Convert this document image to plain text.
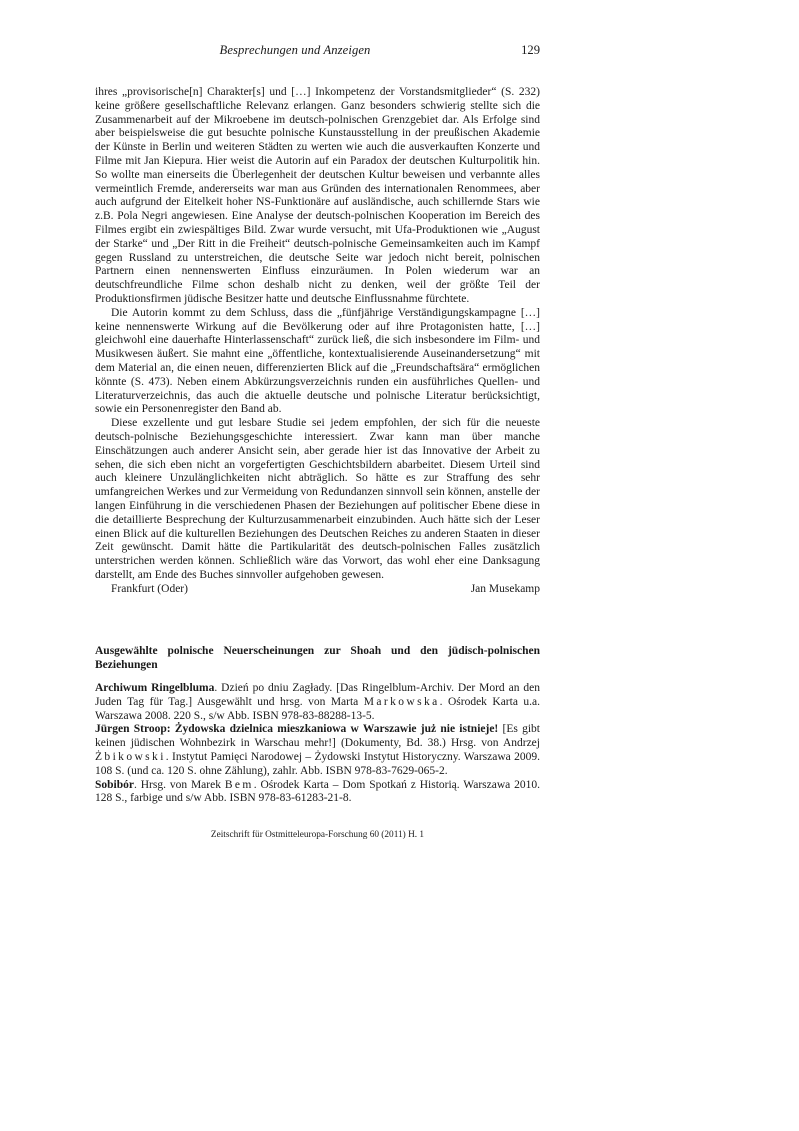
Besprechungen und Anzeigen	129

ihres „provisorische[n] Charakter[s] und […] Inkompetenz der Vorstandsmitglieder“ (S. 232) keine größere gesellschaftliche Relevanz erlangen. Ganz besonders schwierig stellte sich die Zusammenarbeit auf der Mikroebene im deutsch-polnischen Grenzgebiet dar. Als Erfolge sind aber beispielsweise die gut besuchte polnische Kunstausstellung in der preußischen Akademie der Künste in Berlin und weiteren Städten zu werten wie auch die ausverkauften Konzerte und Filme mit Jan Kiepura. Hier weist die Autorin auf ein Paradox der deutschen Kulturpolitik hin. So wollte man einerseits die Überlegenheit der deutschen Kultur beweisen und verbannte alles vermeintlich Fremde, andererseits war man aus Gründen des internationalen Renommees, aber auch aufgrund der Eitelkeit hoher NS-Funktionäre auf ausländische, auch schillernde Stars wie z.B. Pola Negri angewiesen. Eine Analyse der deutsch-polnischen Kooperation im Bereich des Filmes ergibt ein zwiespältiges Bild. Zwar wurde versucht, mit Ufa-Produktionen wie „August der Starke“ und „Der Ritt in die Freiheit“ deutsch-polnische Gemeinsamkeiten auch im Kampf gegen Russland zu unterstreichen, die deutsche Seite war jedoch nicht bereit, polnischen Partnern einen nennenswerten Einfluss einzuräumen. In Polen wiederum war an deutschfreundliche Filme schon deshalb nicht zu denken, weil der größte Teil der Produktionsfirmen jüdische Besitzer hatte und deutsche Einflussnahme fürchtete.

Die Autorin kommt zu dem Schluss, dass die „fünfjährige Verständigungskampagne […] keine nennenswerte Wirkung auf die Bevölkerung oder auf ihre Protagonisten hatte, […] gleichwohl eine dauerhafte Hinterlassenschaft“ zurück ließ, die sich insbesondere im Film- und Musikwesen äußert. Sie mahnt eine „öffentliche, kontextualisierende Auseinandersetzung“ mit dem Material an, die einen neuen, differenzierten Blick auf die „Freundschaftsära“ ermöglichen könnte (S. 473). Neben einem Abkürzungsverzeichnis runden ein ausführliches Quellen- und Literaturverzeichnis, das auch die aktuelle deutsche und polnische Literatur berücksichtigt, sowie ein Personenregister den Band ab.

Diese exzellente und gut lesbare Studie sei jedem empfohlen, der sich für die neueste deutsch-polnische Beziehungsgeschichte interessiert. Zwar kann man über manche Einschätzungen auch anderer Ansicht sein, aber gerade hier ist das Innovative der Arbeit zu sehen, die sich eben nicht an vorgefertigten Geschichtsbildern abarbeitet. Diesem Urteil sind auch kleinere Unzulänglichkeiten nicht abträglich. So hätte es zur Straffung des sehr umfangreichen Werkes und zur Vermeidung von Redundanzen sinnvoll sein können, anstelle der langen Einführung in die verschiedenen Phasen der Beziehungen auf politischer Ebene diese in die detaillierte Besprechung der Kulturzusammenarbeit einzubinden. Auch hätte sich der Leser einen Blick auf die kulturellen Beziehungen des Deutschen Reiches zu anderen Staaten in dieser Zeit gewünscht. Damit hätte die Partikularität des deutsch-polnischen Falles zusätzlich unterstrichen werden können. Schließlich wäre das Vorwort, das wohl eher eine Danksagung darstellt, am Ende des Buches sinnvoller aufgehoben gewesen.

Frankfurt (Oder)	Jan Musekamp
Ausgewählte polnische Neuerscheinungen zur Shoah und den jüdisch-polnischen Beziehungen

Archiwum Ringelbluma. Dzień po dniu Zagłady. [Das Ringelblum-Archiv. Der Mord an den Juden Tag für Tag.] Ausgewählt und hrsg. von Marta Markowska. Ośrodek Karta u.a. Warszawa 2008. 220 S., s/w Abb. ISBN 978-83-88288-13-5.

Jürgen Stroop: Żydowska dzielnica mieszkaniowa w Warszawie już nie istnieje! [Es gibt keinen jüdischen Wohnbezirk in Warschau mehr!] (Dokumenty, Bd. 38.) Hrsg. von Andrzej Żbikowski. Instytut Pamięci Narodowej – Żydowski Instytut Historyczny. Warszawa 2009. 108 S. (und ca. 120 S. ohne Zählung), zahlr. Abb. ISBN 978-83-7629-065-2.

Sobibór. Hrsg. von Marek Bem. Ośrodek Karta – Dom Spotkań z Historią. Warszawa 2010. 128 S., farbige und s/w Abb. ISBN 978-83-61283-21-8.

Zeitschrift für Ostmitteleuropa-Forschung 60 (2011) H. 1
